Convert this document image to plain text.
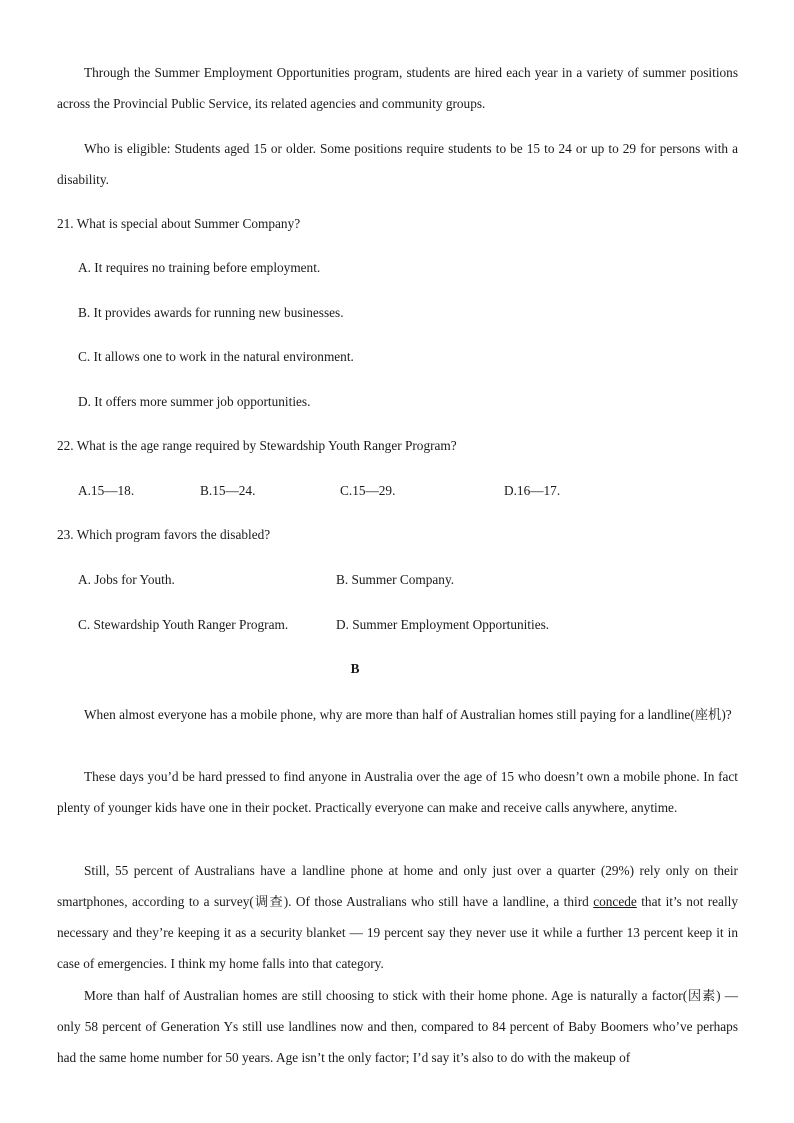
Through the Summer Employment Opportunities program, students are hired each year in a variety of summer positions across the Provincial Public Service, its related agencies and community groups.

Who is eligible: Students aged 15 or older. Some positions require students to be 15 to 24 or up to 29 for persons with a disability.

21. What is special about Summer Company?
A. It requires no training before employment.
B. It provides awards for running new businesses.
C. It allows one to work in the natural environment.
D. It offers more summer job opportunities.
22. What is the age range required by Stewardship Youth Ranger Program?
A.15—18.	B.15—24.	C.15—29.	D.16—17.
23. Which program favors the disabled?
A. Jobs for Youth.	B. Summer Company.
C. Stewardship Youth Ranger Program.	D. Summer Employment Opportunities.
B

When almost everyone has a mobile phone, why are more than half of Australian homes still paying for a landline(座机)?

These days you’d be hard pressed to find anyone in Australia over the age of 15 who doesn’t own a mobile phone. In fact plenty of younger kids have one in their pocket. Practically everyone can make and receive calls anywhere, anytime.

Still, 55 percent of Australians have a landline phone at home and only just over a quarter (29%) rely only on their smartphones, according to a survey(调查). Of those Australians who still have a landline, a third concede that it’s not really necessary and they’re keeping it as a security blanket — 19 percent say they never use it while a further 13 percent keep it in case of emergencies. I think my home falls into that category.

More than half of Australian homes are still choosing to stick with their home phone. Age is naturally a factor(因素) — only 58 percent of Generation Ys still use landlines now and then, compared to 84 percent of Baby Boomers who’ve perhaps had the same home number for 50 years. Age isn’t the only factor; I’d say it’s also to do with the makeup of
